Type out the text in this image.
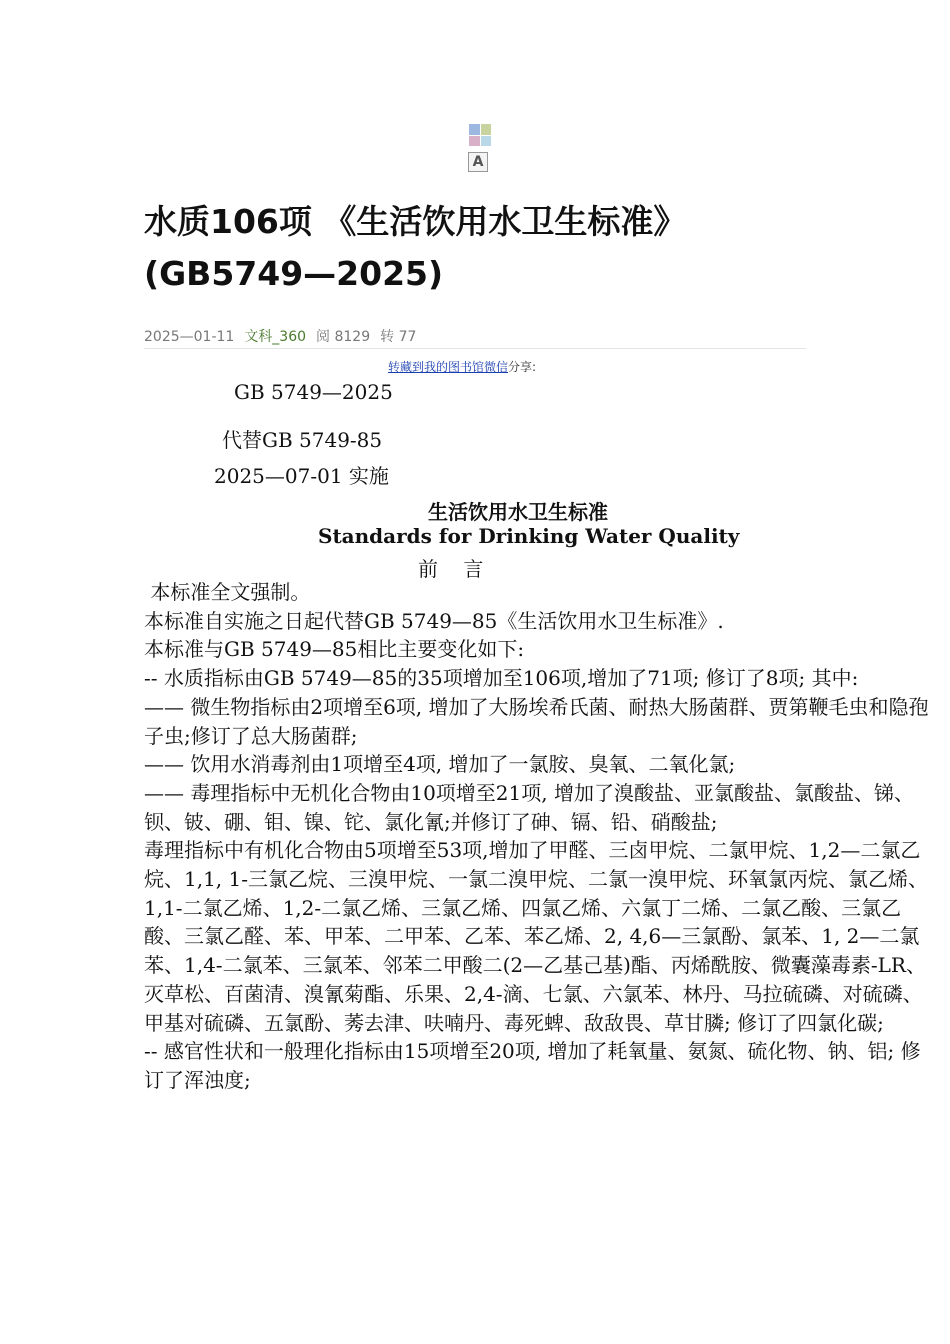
A
水质106项 《生活饮用水卫生标准》
(GB5749—2025)
2025—01-11 文科_360 阅 8129 转 77
转藏到我的图书馆微信分享:
GB 5749—2025
代替GB 5749-85
2025—07-01 实施
生活饮用水卫生标准
Standards for Drinking Water Quality
前    言

本标准全文强制。

本标准自实施之日起代替GB 5749—85《生活饮用水卫生标准》.

本标准与GB 5749—85相比主要变化如下:

-- 水质指标由GB 5749—85的35项增加至106项,增加了71项; 修订了8项; 其中:

—— 微生物指标由2项增至6项, 增加了大肠埃希氏菌、耐热大肠菌群、贾第鞭毛虫和隐孢子虫;修订了总大肠菌群;

—— 饮用水消毒剂由1项增至4项, 增加了一氯胺、臭氧、二氧化氯;

—— 毒理指标中无机化合物由10项增至21项, 增加了溴酸盐、亚氯酸盐、氯酸盐、锑、钡、铍、硼、钼、镍、铊、氯化氰;并修订了砷、镉、铅、硝酸盐;

毒理指标中有机化合物由5项增至53项,增加了甲醛、三卤甲烷、二氯甲烷、1,2—二氯乙烷、1,1, 1-三氯乙烷、三溴甲烷、一氯二溴甲烷、二氯一溴甲烷、环氧氯丙烷、氯乙烯、1,1-二氯乙烯、1,2-二氯乙烯、三氯乙烯、四氯乙烯、六氯丁二烯、二氯乙酸、三氯乙酸、三氯乙醛、苯、甲苯、二甲苯、乙苯、苯乙烯、2, 4,6—三氯酚、氯苯、1, 2—二氯苯、1,4-二氯苯、三氯苯、邻苯二甲酸二(2—乙基己基)酯、丙烯酰胺、微囊藻毒素-LR、灭草松、百菌清、溴氰菊酯、乐果、2,4-滴、七氯、六氯苯、林丹、马拉硫磷、对硫磷、甲基对硫磷、五氯酚、莠去津、呋喃丹、毒死蜱、敌敌畏、草甘膦; 修订了四氯化碳;

-- 感官性状和一般理化指标由15项增至20项, 增加了耗氧量、氨氮、硫化物、钠、铝; 修订了浑浊度;
